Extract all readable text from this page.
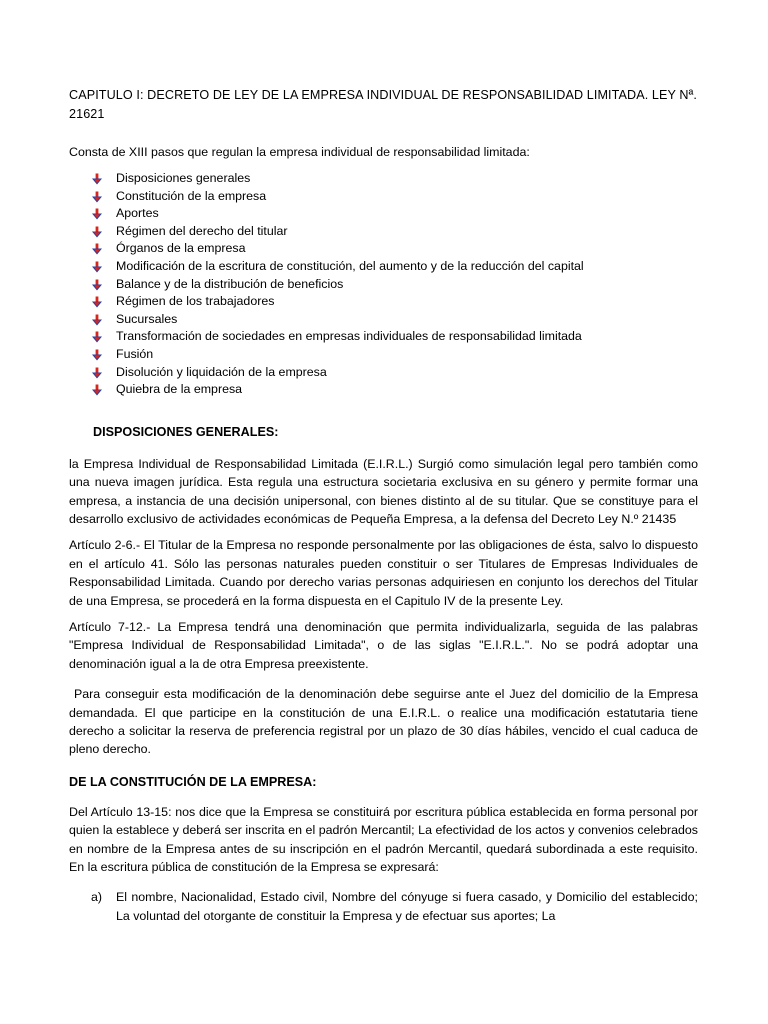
CAPITULO I: DECRETO DE LEY DE LA EMPRESA INDIVIDUAL DE RESPONSABILIDAD LIMITADA. LEY Nª. 21621

Consta de XIII pasos que regulan la empresa individual de responsabilidad limitada:

Disposiciones generales
Constitución de la empresa
Aportes
Régimen del derecho del titular
Órganos de la empresa
Modificación de la escritura de constitución, del aumento y de la reducción del capital
Balance y de la distribución de beneficios
Régimen de los trabajadores
Sucursales
Transformación de sociedades en empresas individuales de responsabilidad limitada
Fusión
Disolución y liquidación de la empresa
Quiebra de la empresa

DISPOSICIONES GENERALES:

la Empresa Individual de Responsabilidad Limitada (E.I.R.L.) Surgió como simulación legal pero también como una nueva imagen jurídica. Esta regula una estructura societaria exclusiva en su género y permite formar una empresa, a instancia de una decisión unipersonal, con bienes distinto al de su titular. Que se constituye para el desarrollo exclusivo de actividades económicas de Pequeña Empresa, a la defensa del Decreto Ley N.º 21435

Artículo 2-6.- El Titular de la Empresa no responde personalmente por las obligaciones de ésta, salvo lo dispuesto en el artículo 41. Sólo las personas naturales pueden constituir o ser Titulares de Empresas Individuales de Responsabilidad Limitada. Cuando por derecho varias personas adquiriesen en conjunto los derechos del Titular de una Empresa, se procederá en la forma dispuesta en el Capitulo IV de la presente Ley.

Artículo 7-12.- La Empresa tendrá una denominación que permita individualizarla, seguida de las palabras "Empresa Individual de Responsabilidad Limitada", o de las siglas "E.I.R.L.". No se podrá adoptar una denominación igual a la de otra Empresa preexistente.

Para conseguir esta modificación de la denominación debe seguirse ante el Juez del domicilio de la Empresa demandada. El que participe en la constitución de una E.I.R.L. o realice una modificación estatutaria tiene derecho a solicitar la reserva de preferencia registral por un plazo de 30 días hábiles, vencido el cual caduca de pleno derecho.

DE LA CONSTITUCIÓN DE LA EMPRESA:

Del Artículo 13-15: nos dice que la Empresa se constituirá por escritura pública establecida en forma personal por quien la establece y deberá ser inscrita en el padrón Mercantil; La efectividad de los actos y convenios celebrados en nombre de la Empresa antes de su inscripción en el padrón Mercantil, quedará subordinada a este requisito. En la escritura pública de constitución de la Empresa se expresará:

a) El nombre, Nacionalidad, Estado civil, Nombre del cónyuge si fuera casado, y Domicilio del establecido; La voluntad del otorgante de constituir la Empresa y de efectuar sus aportes; La
